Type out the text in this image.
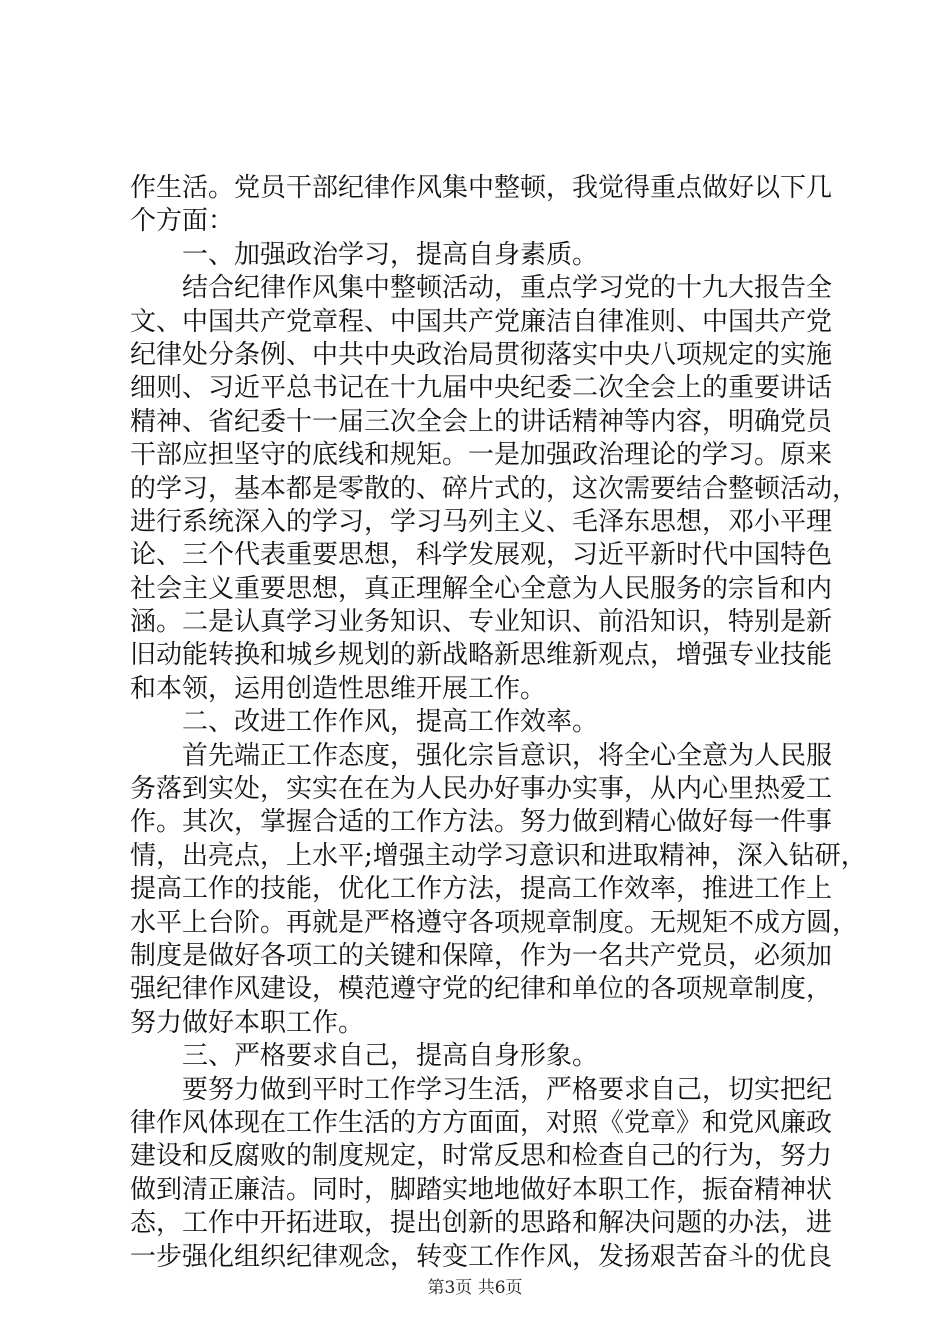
作生活。党员干部纪律作风集中整顿，我觉得重点做好以下几
个方面：
一、加强政治学习，提高自身素质。
结合纪律作风集中整顿活动，重点学习党的十九大报告全
文、中国共产党章程、中国共产党廉洁自律准则、中国共产党
纪律处分条例、中共中央政治局贯彻落实中央八项规定的实施
细则、习近平总书记在十九届中央纪委二次全会上的重要讲话
精神、省纪委十一届三次全会上的讲话精神等内容，明确党员
干部应担坚守的底线和规矩。一是加强政治理论的学习。原来
的学习，基本都是零散的、碎片式的，这次需要结合整顿活动，
进行系统深入的学习，学习马列主义、毛泽东思想，邓小平理
论、三个代表重要思想，科学发展观，习近平新时代中国特色
社会主义重要思想，真正理解全心全意为人民服务的宗旨和内
涵。二是认真学习业务知识、专业知识、前沿知识，特别是新
旧动能转换和城乡规划的新战略新思维新观点，增强专业技能
和本领，运用创造性思维开展工作。
二、改进工作作风，提高工作效率。
首先端正工作态度，强化宗旨意识，将全心全意为人民服
务落到实处，实实在在为人民办好事办实事，从内心里热爱工
作。其次，掌握合适的工作方法。努力做到精心做好每一件事
情，出亮点，上水平;增强主动学习意识和进取精神，深入钻研，
提高工作的技能，优化工作方法，提高工作效率，推进工作上
水平上台阶。再就是严格遵守各项规章制度。无规矩不成方圆，
制度是做好各项工的关键和保障，作为一名共产党员，必须加
强纪律作风建设，模范遵守党的纪律和单位的各项规章制度，
努力做好本职工作。
三、严格要求自己，提高自身形象。
要努力做到平时工作学习生活，严格要求自己，切实把纪
律作风体现在工作生活的方方面面，对照《党章》和党风廉政
建设和反腐败的制度规定，时常反思和检查自己的行为，努力
做到清正廉洁。同时，脚踏实地地做好本职工作，振奋精神状
态，工作中开拓进取，提出创新的思路和解决问题的办法，进
一步强化组织纪律观念，转变工作作风，发扬艰苦奋斗的优良
第3页 共6页
